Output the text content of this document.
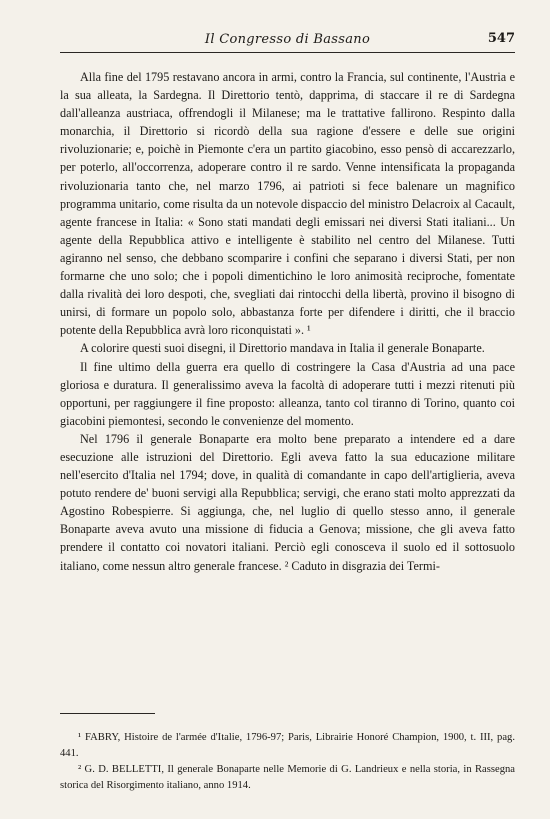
Il Congresso di Bassano	547

Alla fine del 1795 restavano ancora in armi, contro la Francia, sul continente, l'Austria e la sua alleata, la Sardegna. Il Direttorio tentò, dapprima, di staccare il re di Sardegna dall'alleanza austriaca, offrendogli il Milanese; ma le trattative fallirono. Respinto dalla monarchia, il Direttorio si ricordò della sua ragione d'essere e delle sue origini rivoluzionarie; e, poichè in Piemonte c'era un partito giacobino, esso pensò di accarezzarlo, per poterlo, all'occorrenza, adoperare contro il re sardo. Venne intensificata la propaganda rivoluzionaria tanto che, nel marzo 1796, ai patrioti si fece balenare un magnifico programma unitario, come risulta da un notevole dispaccio del ministro Delacroix al Cacault, agente francese in Italia: « Sono stati mandati degli emissari nei diversi Stati italiani... Un agente della Repubblica attivo e intelligente è stabilito nel centro del Milanese. Tutti agiranno nel senso, che debbano scomparire i confini che separano i diversi Stati, per non formarne che uno solo; che i popoli dimentichino le loro animosità reciproche, fomentate dalla rivalità dei loro despoti, che, svegliati dai rintocchi della libertà, provino il bisogno di unirsi, di formare un popolo solo, abbastanza forte per difendere i diritti, che il braccio potente della Repubblica avrà loro riconquistati ». ¹

A colorire questi suoi disegni, il Direttorio mandava in Italia il generale Bonaparte.

Il fine ultimo della guerra era quello di costringere la Casa d'Austria ad una pace gloriosa e duratura. Il generalissimo aveva la facoltà di adoperare tutti i mezzi ritenuti più opportuni, per raggiungere il fine proposto: alleanza, tanto col tiranno di Torino, quanto coi giacobini piemontesi, secondo le convenienze del momento.

Nel 1796 il generale Bonaparte era molto bene preparato a intendere ed a dare esecuzione alle istruzioni del Direttorio. Egli aveva fatto la sua educazione militare nell'esercito d'Italia nel 1794; dove, in qualità di comandante in capo dell'artiglieria, aveva potuto rendere de' buoni servigi alla Repubblica; servigi, che erano stati molto apprezzati da Agostino Robespierre. Si aggiunga, che, nel luglio di quello stesso anno, il generale Bonaparte aveva avuto una missione di fiducia a Genova; missione, che gli aveva fatto prendere il contatto coi novatori italiani. Perciò egli conosceva il suolo ed il sottosuolo italiano, come nessun altro generale francese. ² Caduto in disgrazia dei Termi-

¹ FABRY, Histoire de l'armée d'Italie, 1796-97; Paris, Librairie Honoré Champion, 1900, t. III, pag. 441.

² G. D. BELLETTI, Il generale Bonaparte nelle Memorie di G. Landrieux e nella storia, in Rassegna storica del Risorgimento italiano, anno 1914.
